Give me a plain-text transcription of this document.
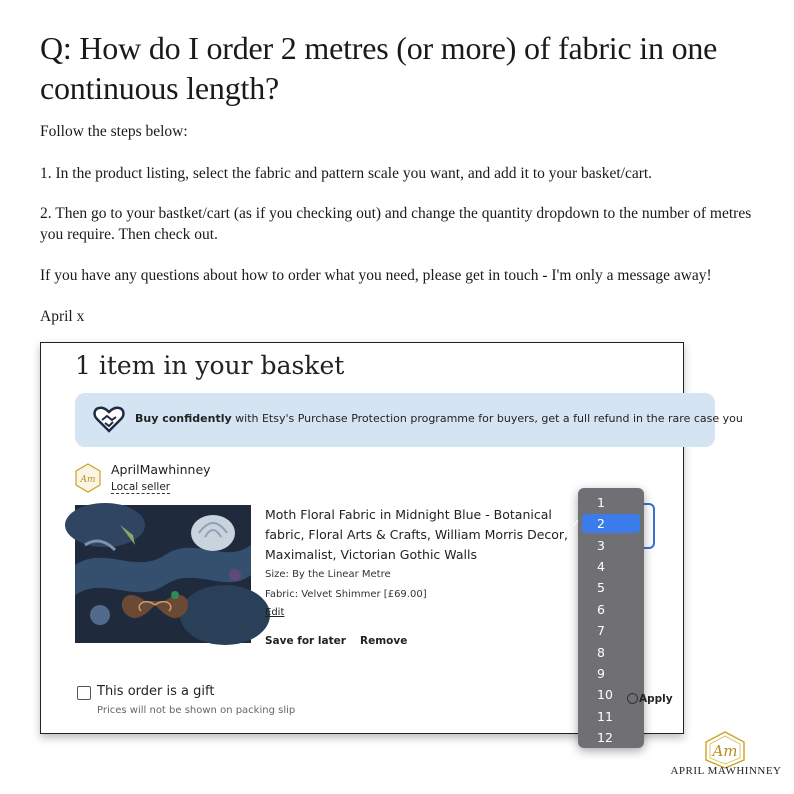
Q: How do I order 2 metres (or more) of fabric in one continuous length?

Follow the steps below:

1. In the product listing, select the fabric and pattern scale you want, and add it to your basket/cart.

2. Then go to your bastket/cart (as if you checking out) and change the quantity dropdown to the number of metres you require. Then check out.

If you have any questions about how to order what you need, please get in touch - I'm only a message away!

April x

1 item in your basket
Buy confidently with Etsy's Purchase Protection programme for buyers, get a full refund in the rare case you
Am
AprilMawhinney
Local seller
Moth Floral Fabric in Midnight Blue - Botanical fabric, Floral Arts & Crafts, William Morris Decor, Maximalist, Victorian Gothic Walls
Size: By the Linear Metre
Fabric: Velvet Shimmer [£69.00]
Edit
Save for later Remove
1
✓ 2
3
4
5
6
7
8
9
10
11
12
This order is a gift
Prices will not be shown on packing slip
Apply
Am
APRIL MAWHINNEY
